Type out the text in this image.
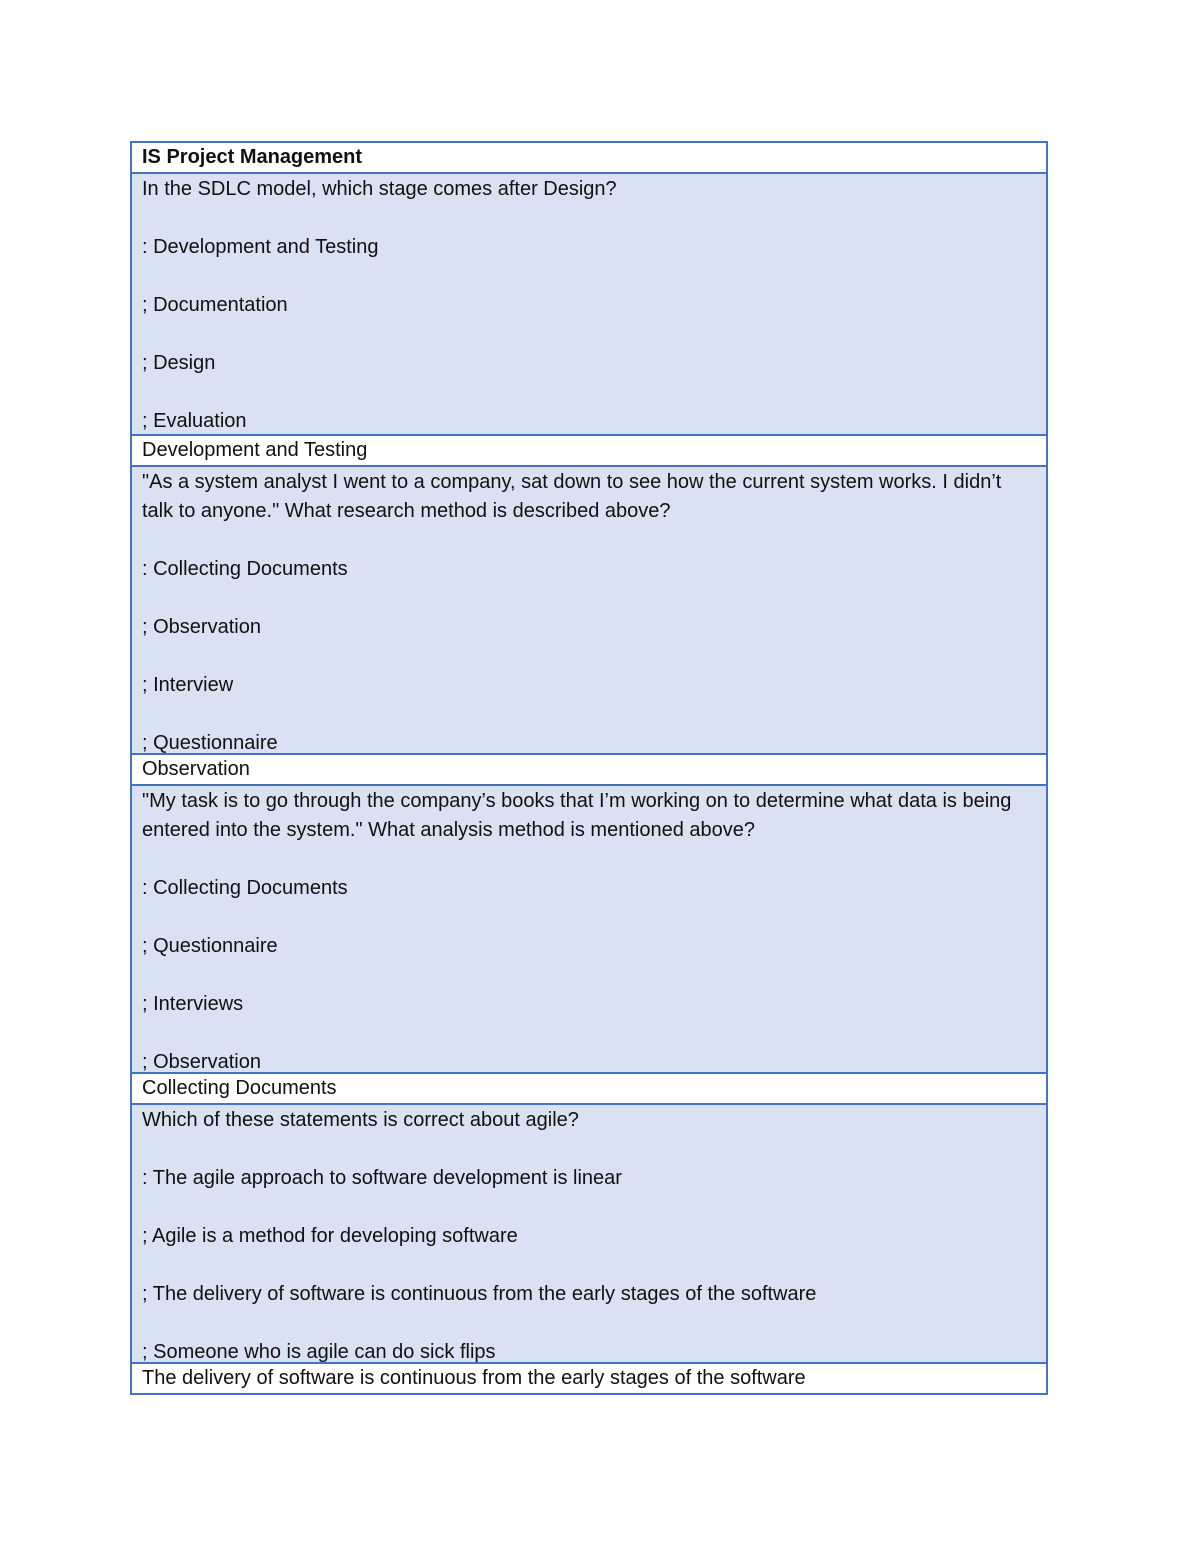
IS Project Management
In the SDLC model, which stage comes after Design?
: Development and Testing
; Documentation
; Design
; Evaluation
Development and Testing
"As a system analyst I went to a company, sat down to see how the current system works. I didn’t talk to anyone." What research method is described above?
: Collecting Documents
; Observation
; Interview
; Questionnaire
Observation
"My task is to go through the company’s books that I’m working on to determine what data is being entered into the system." What analysis method is mentioned above?
: Collecting Documents
; Questionnaire
; Interviews
; Observation
Collecting Documents
Which of these statements is correct about agile?
: The agile approach to software development is linear
; Agile is a method for developing software
; The delivery of software is continuous from the early stages of the software
; Someone who is agile can do sick flips
The delivery of software is continuous from the early stages of the software
